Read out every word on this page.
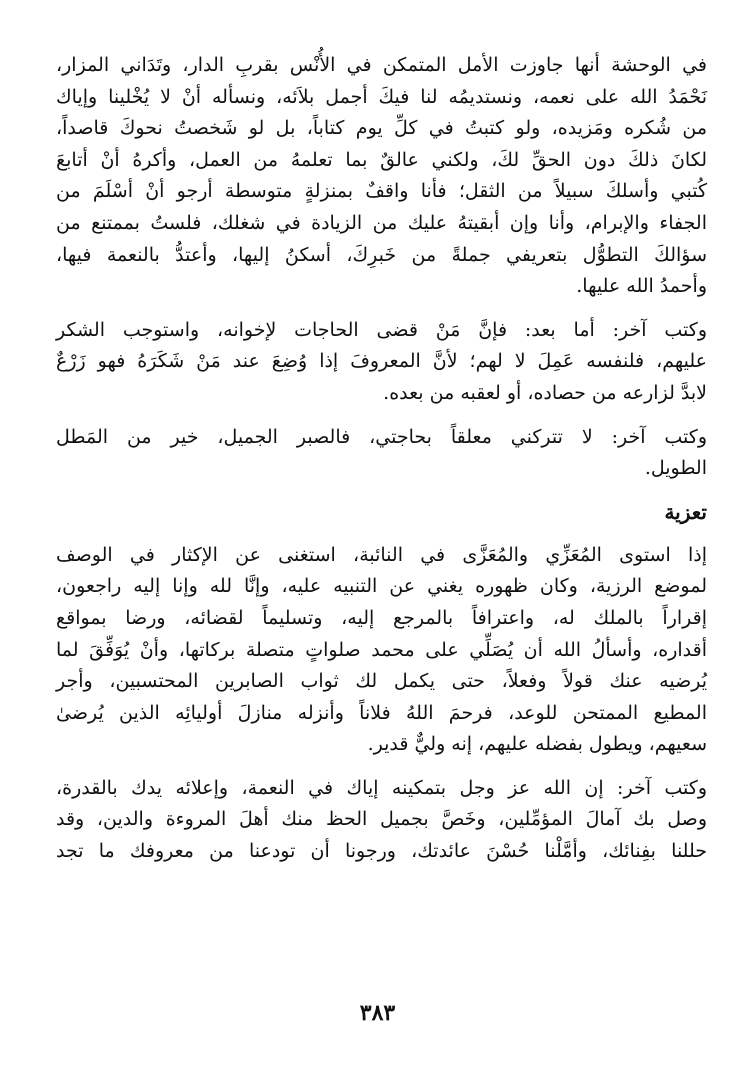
في الوحشة أنها جاوزت الأمل المتمكن في الأُنْس بقربِ الدار، وتَدَاني المزار،
نَحْمَدُ الله على نعمه، ونستديمُه لنا فيكَ أجمل بلاَئه، ونسأله أنْ لا يُخْلينا وإياك
من شُكره ومَزيده، ولو كتبتُ في كلِّ يوم كتاباً، بل لو شَخصتُ نحوكَ قاصداً،
لكانَ ذلكَ دون الحقِّ لكَ، ولكني عالقٌ بما تعلمهُ من العمل، وأكرهُ أنْ أتابعَ
كُتبي وأسلكَ سبيلاً من الثقل؛ فأنا واقفٌ بمنزلةٍ متوسطة أرجو أنْ أسْلَمَ من
الجفاء والإبرام، وأنا وإن أبقيتهُ عليك من الزيادة في شغلك، فلستُ بممتنع من
سؤالكَ التطوُّل بتعريفي جملةً من خَبرِكَ، أسكنُ إليها، وأعتدُّ بالنعمة فيها،
وأحمدُ الله عليها.
وكتب آخر: أما بعد: فإنَّ مَنْ قضى الحاجات لإخوانه، واستوجب الشكر
عليهم، فلنفسه عَمِلَ لا لهم؛ لأنَّ المعروفَ إذا وُضِعَ عند مَنْ شَكَرَهُ فهو زَرْعٌ
لابدَّ لزارعه من حصاده، أو لعقبه من بعده.
وكتب آخر: لا تتركني معلقاً بحاجتي، فالصبر الجميل، خير من المَطل
الطويل.
تعزية
إذا استوى المُعَزِّي والمُعَزَّى في النائبة، استغنى عن الإكثار في الوصف
لموضع الرزية، وكان ظهوره يغني عن التنبيه عليه، وإنَّا لله وإنا إليه راجعون،
إقراراً بالملك له، واعترافاً بالمرجع إليه، وتسليماً لقضائه، ورضا بمواقع
أقداره، وأسألُ الله أن يُصَلِّي على محمد صلواتٍ متصلة بركاتها، وأنْ يُوَفِّقَ لما
يُرضيه عنك قولاً وفعلاً، حتى يكمل لك ثواب الصابرين المحتسبين، وأجر
المطيع الممتحن للوعد، فرحمَ اللهُ فلاناً وأنزله منازلَ أوليائِه الذين يُرضىٰ
سعيهم، ويطول بفضله عليهم، إنه وليٌّ قدير.
وكتب آخر: إن الله عز وجل بتمكينه إياك في النعمة، وإعلائه يدك بالقدرة،
وصل بك آمالَ المؤمِّلين، وخَصَّ بجميل الحظ منك أهلَ المروءة والدين، وقد
حللنا بفِنائك، وأمَّلْنا حُسْنَ عائدتك، ورجونا أن تودعنا من معروفك ما تجد
٣٨٣
